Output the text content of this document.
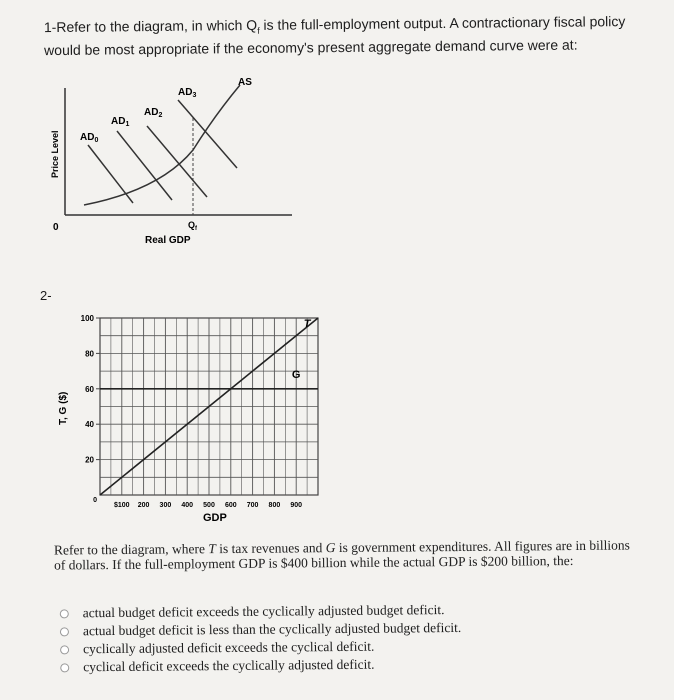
1-Refer to the diagram, in which $Q_f$ is the full-employment output. A contractionary fiscal policy would be most appropriate if the economy's present aggregate demand curve were at:
$AD_0$
$AD_1$
$AD_2$
$AD_3$
AS
0	$Q_f$
Real GDP
Price Level
2-
100
80
60
40
20
0
$100 200 300 400 500 600 700 800 900
T
G
T, G ($)
GDP
Refer to the diagram, where T is tax revenues and G is government expenditures. All figures are in billions of dollars. If the full-employment GDP is $400 billion while the actual GDP is $200 billion, the:
actual budget deficit exceeds the cyclically adjusted budget deficit.
actual budget deficit is less than the cyclically adjusted budget deficit.
cyclically adjusted deficit exceeds the cyclical deficit.
cyclical deficit exceeds the cyclically adjusted deficit.
